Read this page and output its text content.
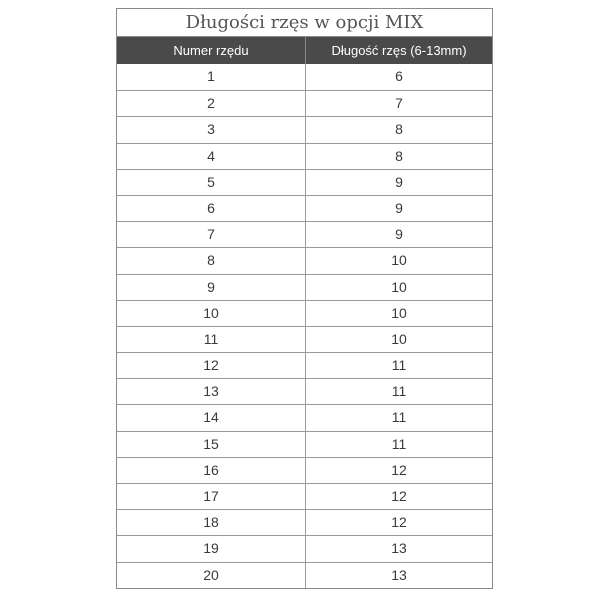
Długości rzęs w opcji MIX
Numer rzędu	Długość rzęs (6-13mm)
1	6
2	7
3	8
4	8
5	9
6	9
7	9
8	10
9	10
10	10
11	10
12	11
13	11
14	11
15	11
16	12
17	12
18	12
19	13
20	13
